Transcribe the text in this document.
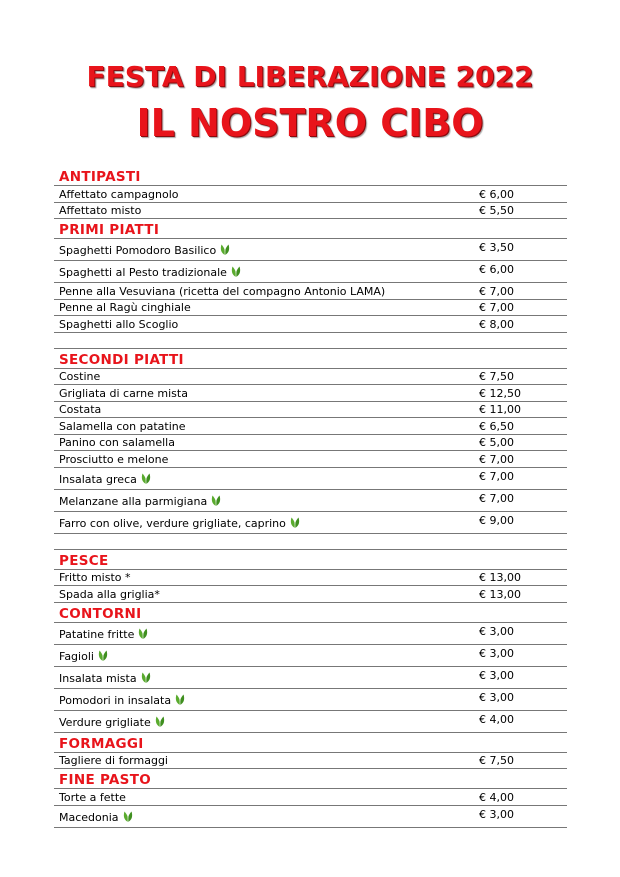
FESTA DI LIBERAZIONE 2022
IL NOSTRO CIBO
ANTIPASTI
Affettato campagnolo	€ 6,00
Affettato misto	€ 5,50
PRIMI PIATTI
Spaghetti Pomodoro Basilico	€ 3,50
Spaghetti al Pesto tradizionale	€ 6,00
Penne alla Vesuviana (ricetta del compagno Antonio LAMA)	€ 7,00
Penne al Ragù cinghiale	€ 7,00
Spaghetti allo Scoglio	€ 8,00
SECONDI PIATTI
Costine	€ 7,50
Grigliata di carne mista	€ 12,50
Costata	€ 11,00
Salamella con patatine	€ 6,50
Panino con salamella	€ 5,00
Prosciutto e melone	€ 7,00
Insalata greca	€ 7,00
Melanzane alla parmigiana	€ 7,00
Farro con olive, verdure grigliate, caprino	€ 9,00
PESCE
Fritto misto *	€ 13,00
Spada alla griglia*	€ 13,00
CONTORNI
Patatine fritte	€ 3,00
Fagioli	€ 3,00
Insalata mista	€ 3,00
Pomodori in insalata	€ 3,00
Verdure grigliate	€ 4,00
FORMAGGI
Tagliere di formaggi	€ 7,50
FINE PASTO
Torte a fette	€ 4,00
Macedonia	€ 3,00
